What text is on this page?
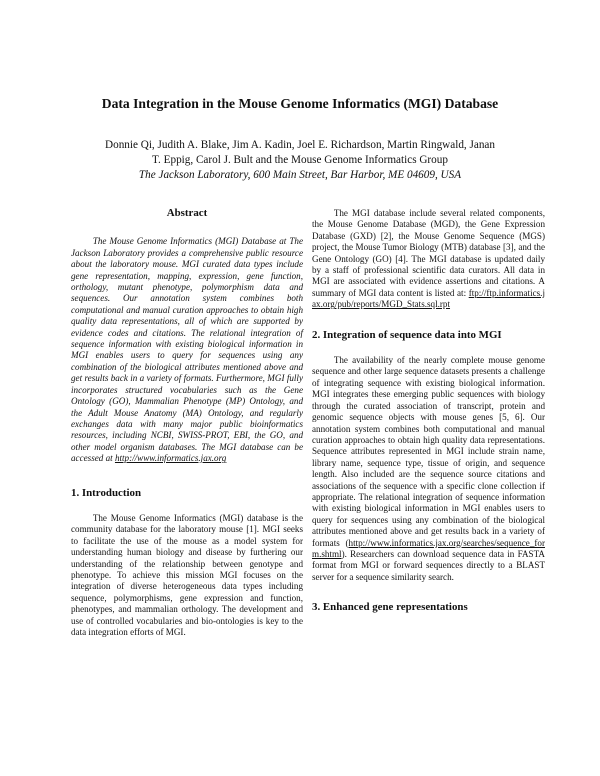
Data Integration in the Mouse Genome Informatics (MGI) Database
Donnie Qi, Judith A. Blake, Jim A. Kadin, Joel E. Richardson, Martin Ringwald, Janan
T. Eppig, Carol J. Bult and the Mouse Genome Informatics Group
The Jackson Laboratory, 600 Main Street, Bar Harbor, ME 04609, USA
Abstract

The Mouse Genome Informatics (MGI) Database at The Jackson Laboratory provides a comprehensive public resource about the laboratory mouse. MGI curated data types include gene representation, mapping, expression, gene function, orthology, mutant phenotype, polymorphism data and sequences. Our annotation system combines both computational and manual curation approaches to obtain high quality data representations, all of which are supported by evidence codes and citations. The relational integration of sequence information with existing biological information in MGI enables users to query for sequences using any combination of the biological attributes mentioned above and get results back in a variety of formats. Furthermore, MGI fully incorporates structured vocabularies such as the Gene Ontology (GO), Mammalian Phenotype (MP) Ontology, and the Adult Mouse Anatomy (MA) Ontology, and regularly exchanges data with many major public bioinformatics resources, including NCBI, SWISS-PROT, EBI, the GO, and other model organism databases. The MGI database can be accessed at http://www.informatics.jax.org

1. Introduction

The Mouse Genome Informatics (MGI) database is the community database for the laboratory mouse [1]. MGI seeks to facilitate the use of the mouse as a model system for understanding human biology and disease by furthering our understanding of the relationship between genotype and phenotype. To achieve this mission MGI focuses on the integration of diverse heterogeneous data types including sequence, polymorphisms, gene expression and function, phenotypes, and mammalian orthology. The development and use of controlled vocabularies and bio-ontologies is key to the data integration efforts of MGI.

The MGI database include several related components, the Mouse Genome Database (MGD), the Gene Expression Database (GXD) [2], the Mouse Genome Sequence (MGS) project, the Mouse Tumor Biology (MTB) database [3], and the Gene Ontology (GO) [4]. The MGI database is updated daily by a staff of professional scientific data curators. All data in MGI are associated with evidence assertions and citations. A summary of MGI data content is listed at: ftp://ftp.informatics.jax.org/pub/reports/MGD_Stats.sql.rpt

2. Integration of sequence data into MGI

The availability of the nearly complete mouse genome sequence and other large sequence datasets presents a challenge of integrating sequence with existing biological information. MGI integrates these emerging public sequences with biology through the curated association of transcript, protein and genomic sequence objects with mouse genes [5, 6]. Our annotation system combines both computational and manual curation approaches to obtain high quality data representations. Sequence attributes represented in MGI include strain name, library name, sequence type, tissue of origin, and sequence length. Also included are the sequence source citations and associations of the sequence with a specific clone collection if appropriate. The relational integration of sequence information with existing biological information in MGI enables users to query for sequences using any combination of the biological attributes mentioned above and get results back in a variety of formats (http://www.informatics.jax.org/searches/sequence_form.shtml). Researchers can download sequence data in FASTA format from MGI or forward sequences directly to a BLAST server for a sequence similarity search.

3. Enhanced gene representations
